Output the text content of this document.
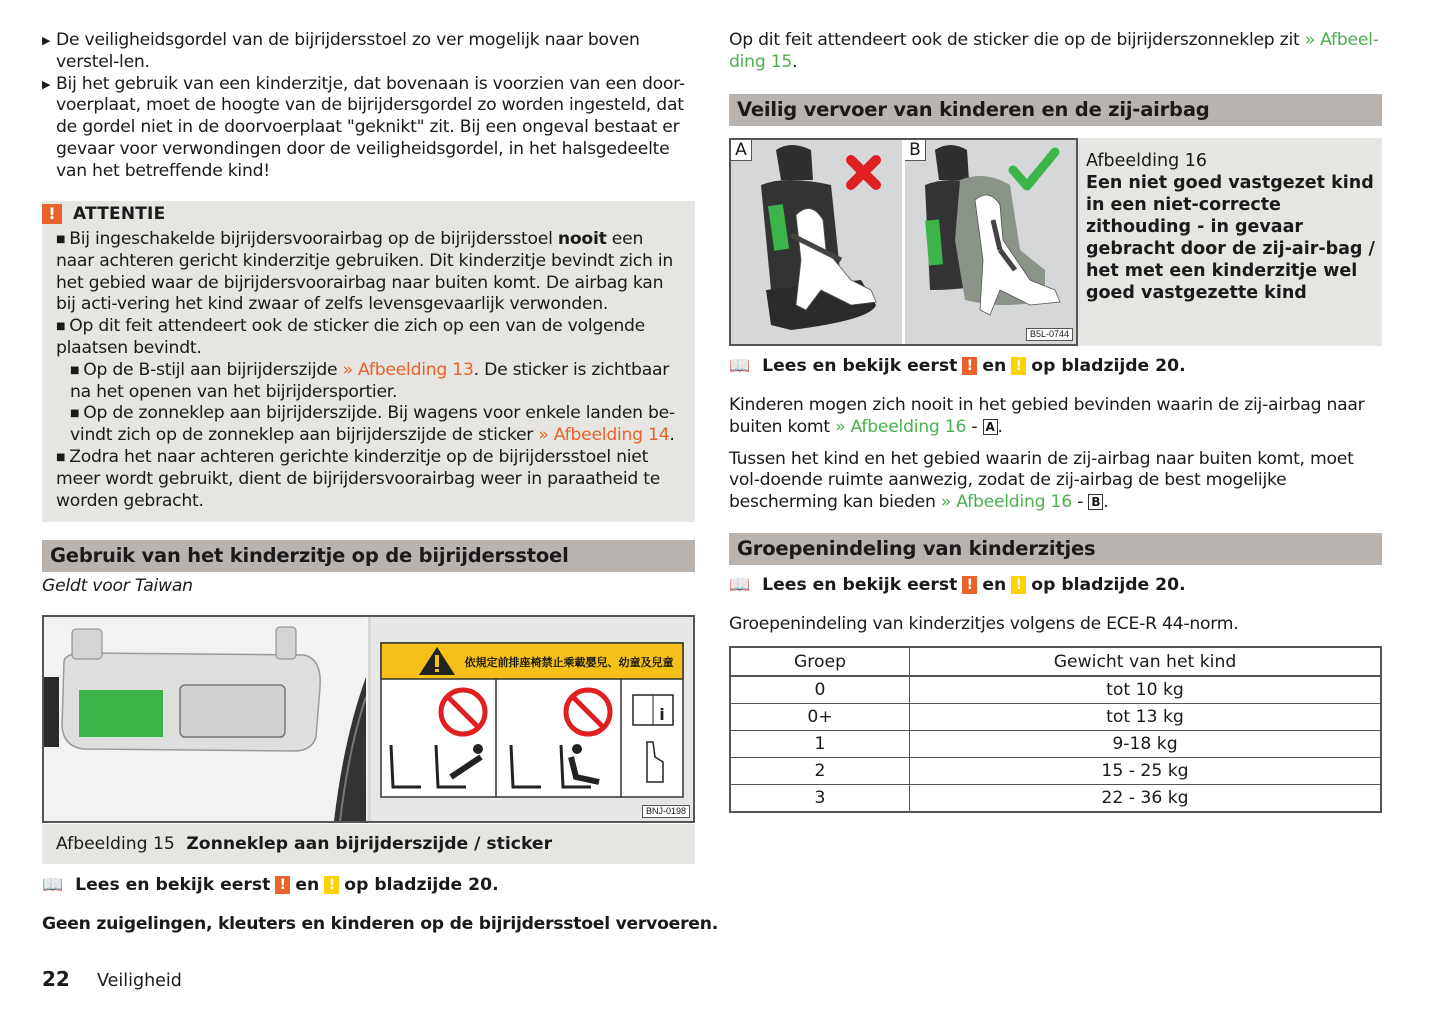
▶ De veiligheidsgordel van de bijrijdersstoel zo ver mogelijk naar boven verstel-len.

▶ Bij het gebruik van een kinderzitje, dat bovenaan is voorzien van een door-voerplaat, moet de hoogte van de bijrijdersgordel zo worden ingesteld, dat de gordel niet in de doorvoerplaat "geknikt" zit. Bij een ongeval bestaat er gevaar voor verwondingen door de veiligheidsgordel, in het halsgedeelte van het betreffende kind!

!	ATTENTIE

■ Bij ingeschakelde bijrijdersvoorairbag op de bijrijdersstoel nooit een naar achteren gericht kinderzitje gebruiken. Dit kinderzitje bevindt zich in het gebied waar de bijrijdersvoorairbag naar buiten komt. De airbag kan bij acti-vering het kind zwaar of zelfs levensgevaarlijk verwonden.

■ Op dit feit attendeert ook de sticker die zich op een van de volgende plaatsen bevindt.

■ Op de B-stijl aan bijrijderszijde » Afbeelding 13. De sticker is zichtbaar na het openen van het bijrijdersportier.

■ Op de zonneklep aan bijrijderszijde. Bij wagens voor enkele landen be-vindt zich op de zonneklep aan bijrijderszijde de sticker » Afbeelding 14.

■ Zodra het naar achteren gerichte kinderzitje op de bijrijdersstoel niet meer wordt gebruikt, dient de bijrijdersvoorairbag weer in paraatheid te worden gebracht.

Gebruik van het kinderzitje op de bijrijdersstoel

Geldt voor Taiwan

依規定前排座椅禁止乘載嬰兒、幼童及兒童
i
BNJ-0198
Afbeelding 15 Zonneklep aan bijrijderszijde / sticker
📖 Lees en bekijk eerst ! en ! op bladzijde 20.

Geen zuigelingen, kleuters en kinderen op de bijrijdersstoel vervoeren.

Op dit feit attendeert ook de sticker die op de bijrijderszonneklep zit » Afbeel-ding 15.

Veilig vervoer van kinderen en de zij-airbag
A	B
B5L-0744
Afbeelding 16
Een niet goed vastgezet kind in een niet-correcte zithouding - in gevaar gebracht door de zij-air-bag / het met een kinderzitje wel goed vastgezette kind
📖 Lees en bekijk eerst ! en ! op bladzijde 20.

Kinderen mogen zich nooit in het gebied bevinden waarin de zij-airbag naar buiten komt » Afbeelding 16 - A .

Tussen het kind en het gebied waarin de zij-airbag naar buiten komt, moet vol-doende ruimte aanwezig, zodat de zij-airbag de best mogelijke bescherming kan bieden » Afbeelding 16 - B .

Groepenindeling van kinderzitjes
📖 Lees en bekijk eerst ! en ! op bladzijde 20.

Groepenindeling van kinderzitjes volgens de ECE-R 44-norm.

Groep	Gewicht van het kind
0	tot 10 kg
0+	tot 13 kg
1	9-18 kg
2	15 - 25 kg
3	22 - 36 kg
22	Veiligheid
